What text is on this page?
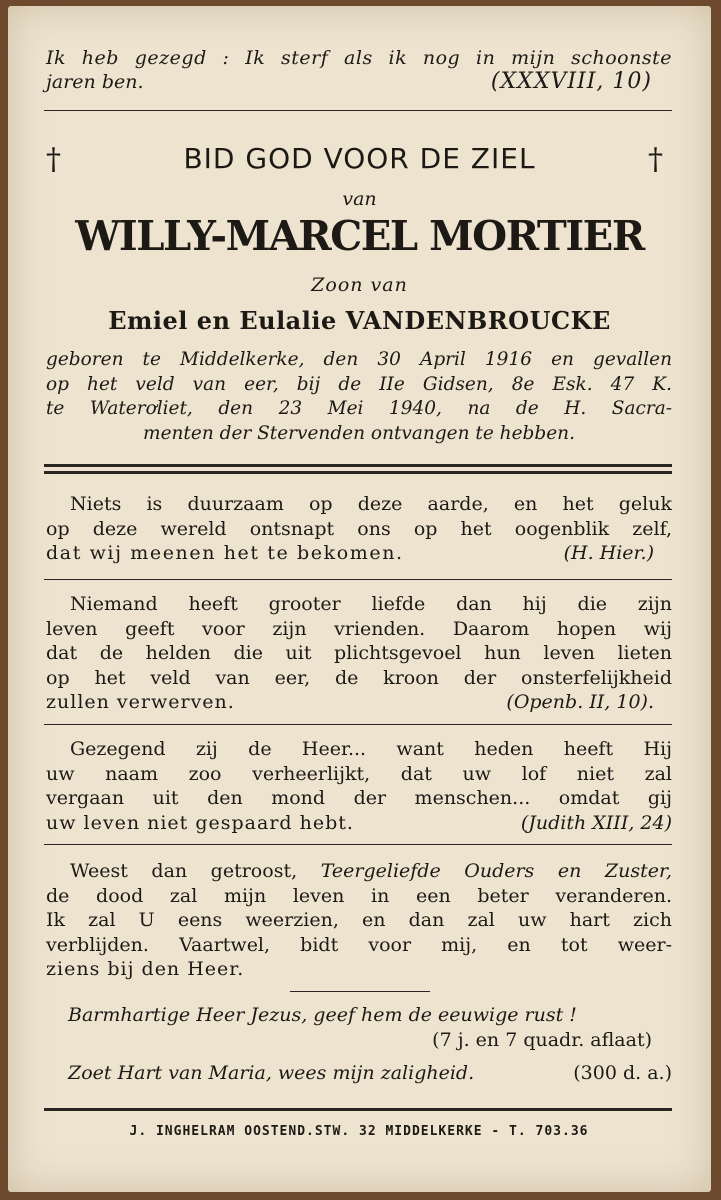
Ik heb gezegd : Ik sterf als ik nog in mijn schoonste
jaren ben.	(XXXVIII, 10)
†	†
BID GOD VOOR DE ZIEL
van
WILLY-MARCEL MORTIER
Zoon van
Emiel en Eulalie VANDENBROUCKE
geboren te Middelkerke, den 30 April 1916 en gevallen
op het veld van eer, bij de IIe Gidsen, 8e Esk. 47 K.
te Waterơliet, den 23 Mei 1940, na de H. Sacra-
menten der Stervenden ontvangen te hebben.
Niets is duurzaam op deze aarde, en het geluk
op deze wereld ontsnapt ons op het oogenblik zelf,
dat wij meenen het te bekomen.	(H. Hier.)
Niemand heeft grooter liefde dan hij die zijn
leven geeft voor zijn vrienden. Daarom hopen wij
dat de helden die uit plichtsgevoel hun leven lieten
op het veld van eer, de kroon der onsterfelijkheid
zullen verwerven.	(Openb. II, 10).
Gezegend zij de Heer... want heden heeft Hij
uw naam zoo verheerlijkt, dat uw lof niet zal
vergaan uit den mond der menschen... omdat gij
uw leven niet gespaard hebt.	(Judith XIII, 24)
Weest dan getroost, Teergeliefde Ouders en Zuster,
de dood zal mijn leven in een beter veranderen.
Ik zal U eens weerzien, en dan zal uw hart zich
verblijden. Vaartwel, bidt voor mij, en tot weer-
ziens bij den Heer.
Barmhartige Heer Jezus, geef hem de eeuwige rust !
(7 j. en 7 quadr. aflaat)
Zoet Hart van Maria, wees mijn zaligheid.	(300 d. a.)
J. INGHELRAM OOSTEND.STW. 32 MIDDELKERKE - T. 703.36
